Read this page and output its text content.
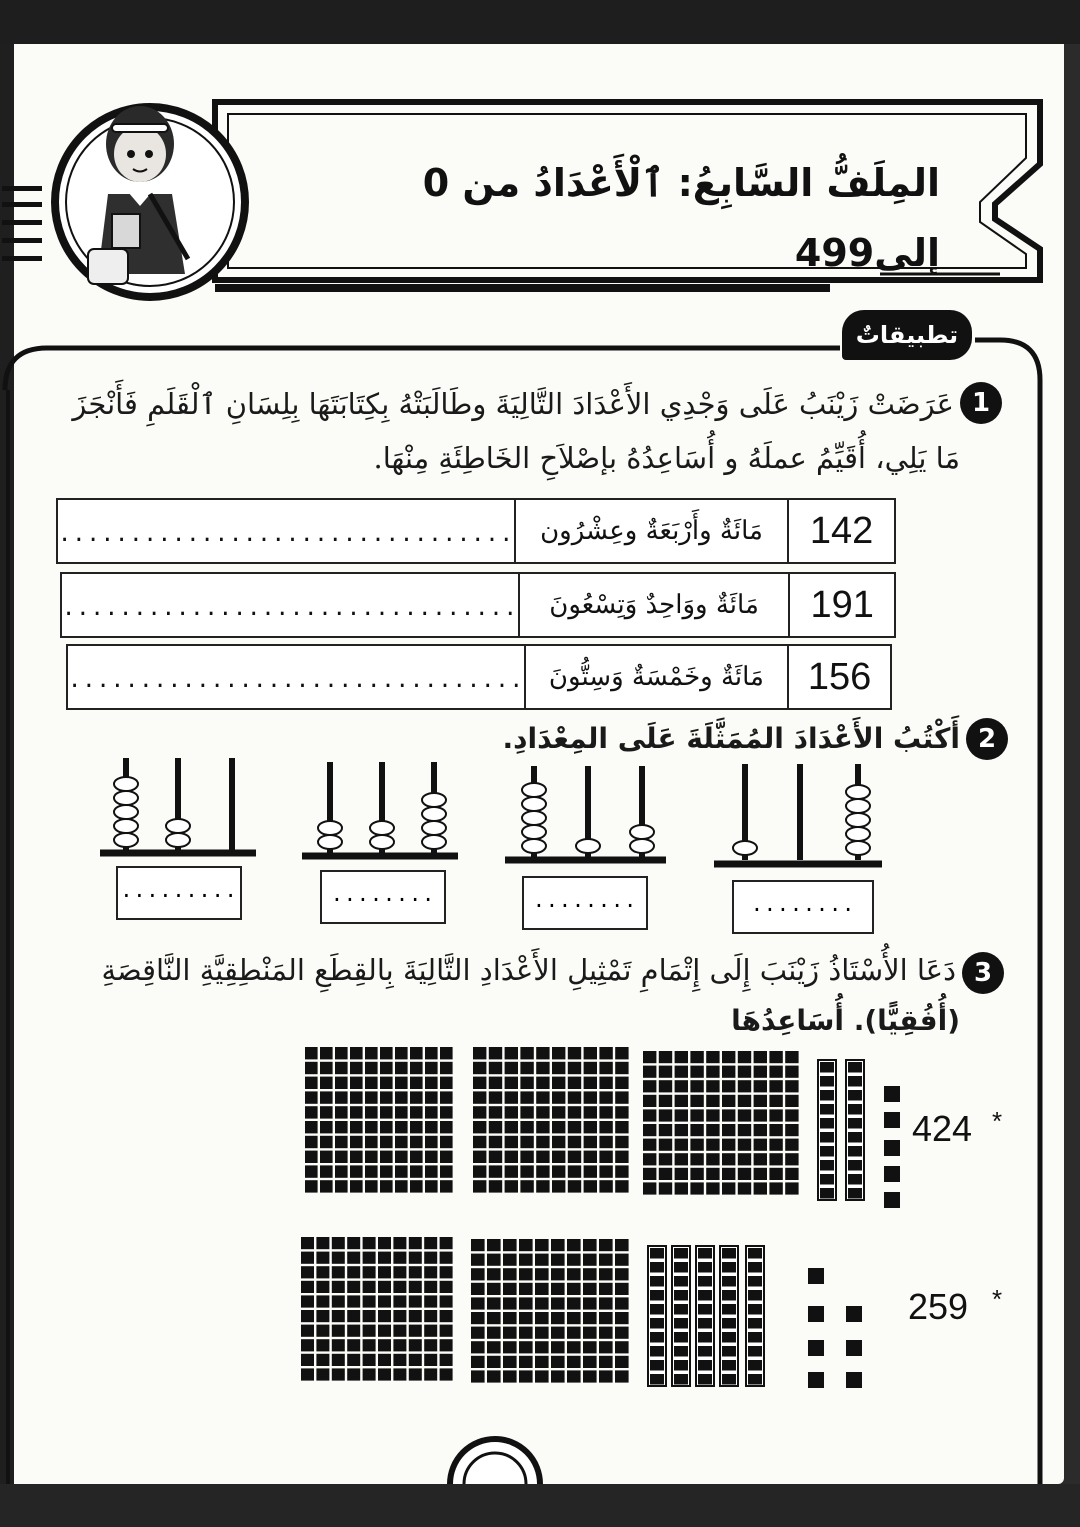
المِلَفُّ السَّابِعُ: ٱلْأَعْدَادُ من 0 إلى499
تطبيقاتٌ
1
عَرَضَتْ زَيْنَبُ عَلَى وَجْدِي الأَعْدَادَ التَّالِيَةَ وطَالَبَتْهُ بِكِتَابَتَهَا بِلِسَانِ ٱلْقَلَمِ فَأَنْجَزَ
مَا يَلِي، أُقَيِّمُ عملَهُ و أُسَاعِدُهُ بإصْلاَحِ الخَاطِئَةِ مِنْهَا.
142
مَائَةٌ وأَرْبَعَةٌ وعِشْرُون
................................
191
مَائَةٌ ووَاحِدٌ وَتِسْعُونَ
................................
156
مَائَةٌ وخَمْسَةٌ وَسِتُّونَ
................................
2
أَكْتُبُ الأَعْدَادَ المُمَثَّلَةَ عَلَى المِعْدَادِ.
.........	........	........	........
3
دَعَا الأُسْتَاذُ زَيْنَبَ إِلَى إِتْمَامِ تَمْثِيلِ الأَعْدَادِ التَّالِيَةَ بِالقِطَعِ المَنْطِقِيَّةِ النَّاقِصَةِ
(أُفُقِيًّا). أُسَاعِدُهَا
*
424
*
259
